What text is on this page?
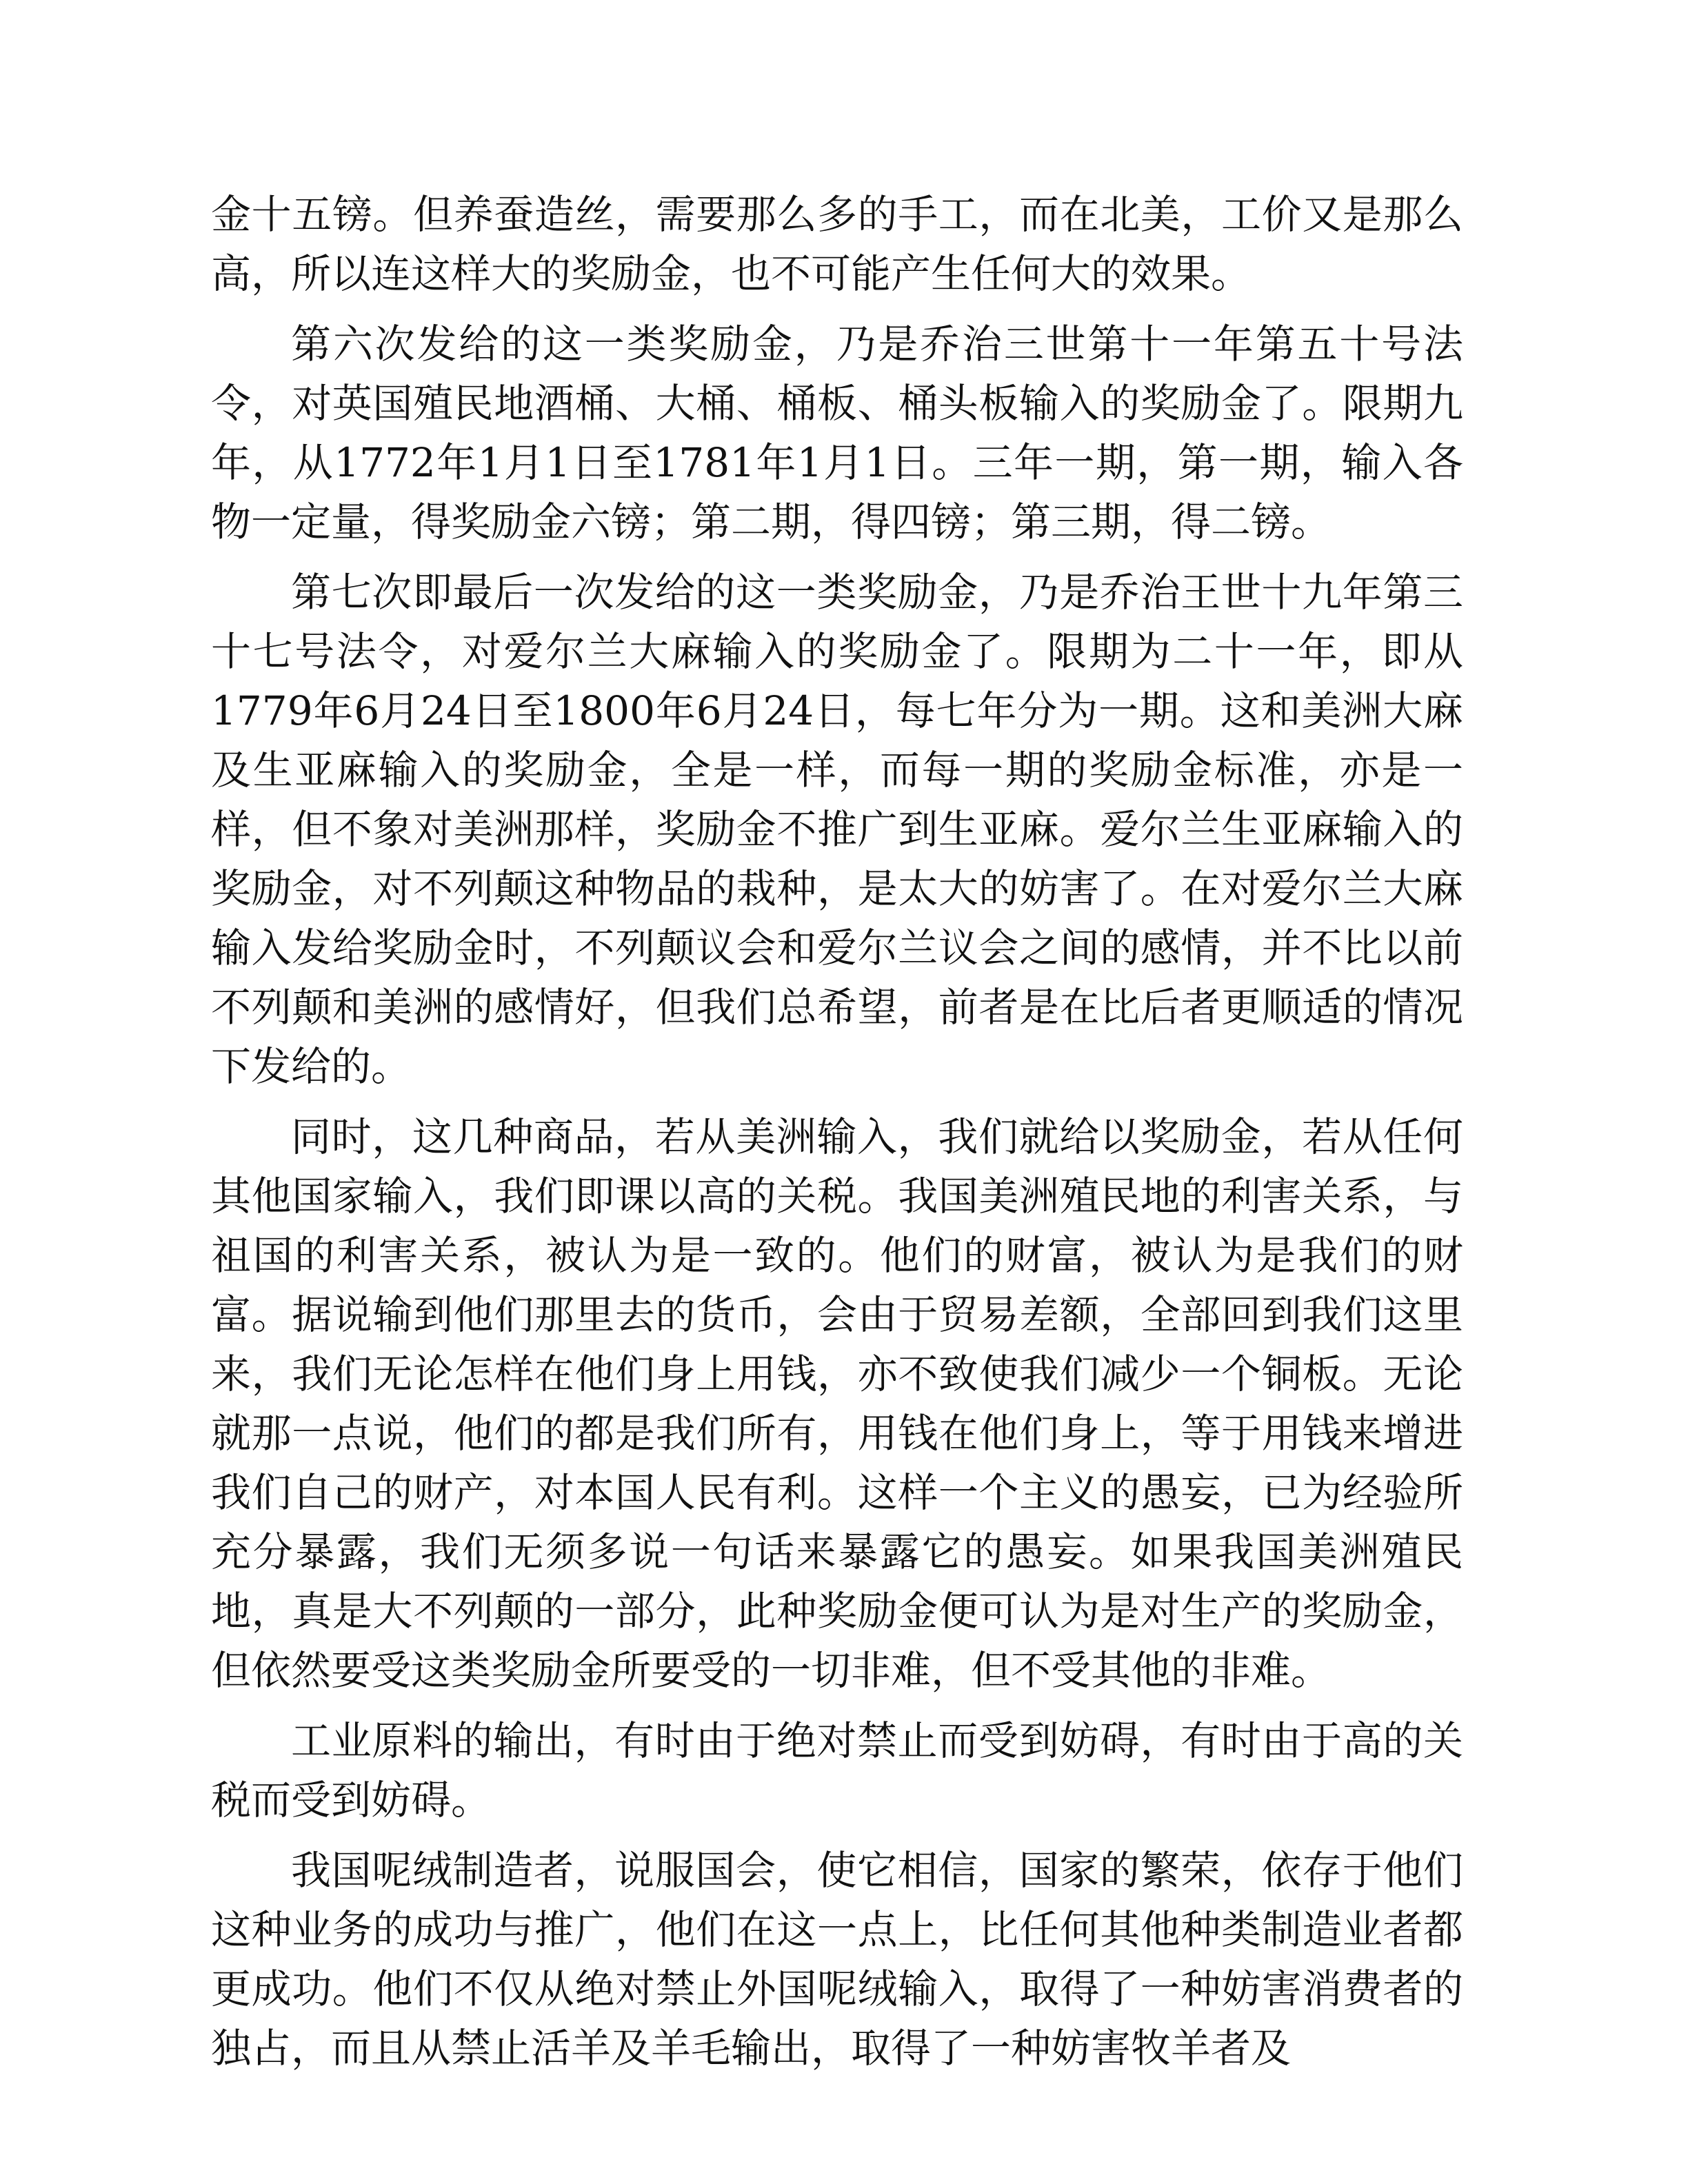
金十五镑。但养蚕造丝，需要那么多的手工，而在北美，工价又是那么高，所以连这样大的奖励金，也不可能产生任何大的效果。

第六次发给的这一类奖励金，乃是乔治三世第十一年第五十号法令，对英国殖民地酒桶、大桶、桶板、桶头板输入的奖励金了。限期九年，从1772年1月1日至1781年1月1日。三年一期，第一期，输入各物一定量，得奖励金六镑；第二期，得四镑；第三期，得二镑。

第七次即最后一次发给的这一类奖励金，乃是乔治王世十九年第三十七号法令，对爱尔兰大麻输入的奖励金了。限期为二十一年，即从1779年6月24日至1800年6月24日，每七年分为一期。这和美洲大麻及生亚麻输入的奖励金，全是一样，而每一期的奖励金标准，亦是一样，但不象对美洲那样，奖励金不推广到生亚麻。爱尔兰生亚麻输入的奖励金，对不列颠这种物品的栽种，是太大的妨害了。在对爱尔兰大麻输入发给奖励金时，不列颠议会和爱尔兰议会之间的感情，并不比以前不列颠和美洲的感情好，但我们总希望，前者是在比后者更顺适的情况下发给的。

同时，这几种商品，若从美洲输入，我们就给以奖励金，若从任何其他国家输入，我们即课以高的关税。我国美洲殖民地的利害关系，与祖国的利害关系，被认为是一致的。他们的财富，被认为是我们的财富。据说输到他们那里去的货币，会由于贸易差额，全部回到我们这里来，我们无论怎样在他们身上用钱，亦不致使我们减少一个铜板。无论就那一点说，他们的都是我们所有，用钱在他们身上，等于用钱来增进我们自己的财产，对本国人民有利。这样一个主义的愚妄，已为经验所充分暴露，我们无须多说一句话来暴露它的愚妄。如果我国美洲殖民地，真是大不列颠的一部分，此种奖励金便可认为是对生产的奖励金，但依然要受这类奖励金所要受的一切非难，但不受其他的非难。

工业原料的输出，有时由于绝对禁止而受到妨碍，有时由于高的关税而受到妨碍。

我国呢绒制造者，说服国会，使它相信，国家的繁荣，依存于他们这种业务的成功与推广，他们在这一点上，比任何其他种类制造业者都更成功。他们不仅从绝对禁止外国呢绒输入，取得了一种妨害消费者的独占，而且从禁止活羊及羊毛输出，取得了一种妨害牧羊者及
